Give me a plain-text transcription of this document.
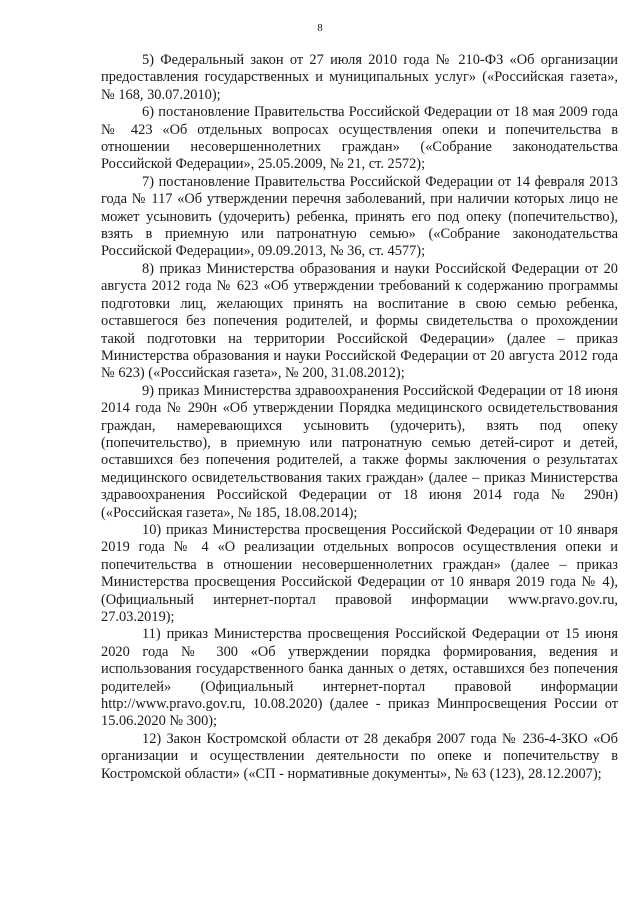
8

5) Федеральный закон от 27 июля 2010 года № 210-ФЗ «Об организации предоставления государственных и муниципальных услуг» («Российская газета», № 168, 30.07.2010);

6) постановление Правительства Российской Федерации от 18 мая 2009 года № 423 «Об отдельных вопросах осуществления опеки и попечительства в отношении несовершеннолетних граждан» («Собрание законодательства Российской Федерации», 25.05.2009, № 21, ст. 2572);

7) постановление Правительства Российской Федерации от 14 февраля 2013 года № 117 «Об утверждении перечня заболеваний, при наличии которых лицо не может усыновить (удочерить) ребенка, принять его под опеку (попечительство), взять в приемную или патронатную семью» («Собрание законодательства Российской Федерации», 09.09.2013, № 36, ст. 4577);

8) приказ Министерства образования и науки Российской Федерации от 20 августа 2012 года № 623 «Об утверждении требований к содержанию программы подготовки лиц, желающих принять на воспитание в свою семью ребенка, оставшегося без попечения родителей, и формы свидетельства о прохождении такой подготовки на территории Российской Федерации» (далее – приказ Министерства образования и науки Российской Федерации от 20 августа 2012 года № 623) («Российская газета», № 200, 31.08.2012);

9) приказ Министерства здравоохранения Российской Федерации от 18 июня 2014 года № 290н «Об утверждении Порядка медицинского освидетельствования граждан, намеревающихся усыновить (удочерить), взять под опеку (попечительство), в приемную или патронатную семью детей-сирот и детей, оставшихся без попечения родителей, а также формы заключения о результатах медицинского освидетельствования таких граждан» (далее – приказ Министерства здравоохранения Российской Федерации от 18 июня 2014 года № 290н) («Российская газета», № 185, 18.08.2014);

10) приказ Министерства просвещения Российской Федерации от 10 января 2019 года № 4 «О реализации отдельных вопросов осуществления опеки и попечительства в отношении несовершеннолетних граждан» (далее – приказ Министерства просвещения Российской Федерации от 10 января 2019 года № 4), (Официальный интернет-портал правовой информации www.pravo.gov.ru, 27.03.2019);

11) приказ Министерства просвещения Российской Федерации от 15 июня 2020 года № 300 «Об утверждении порядка формирования, ведения и использования государственного банка данных о детях, оставшихся без попечения родителей» (Официальный интернет-портал правовой информации http://www.pravo.gov.ru, 10.08.2020) (далее - приказ Минпросвещения России от 15.06.2020 № 300);

12) Закон Костромской области от 28 декабря 2007 года № 236-4-ЗКО «Об организации и осуществлении деятельности по опеке и попечительству в Костромской области» («СП - нормативные документы», № 63 (123), 28.12.2007);
